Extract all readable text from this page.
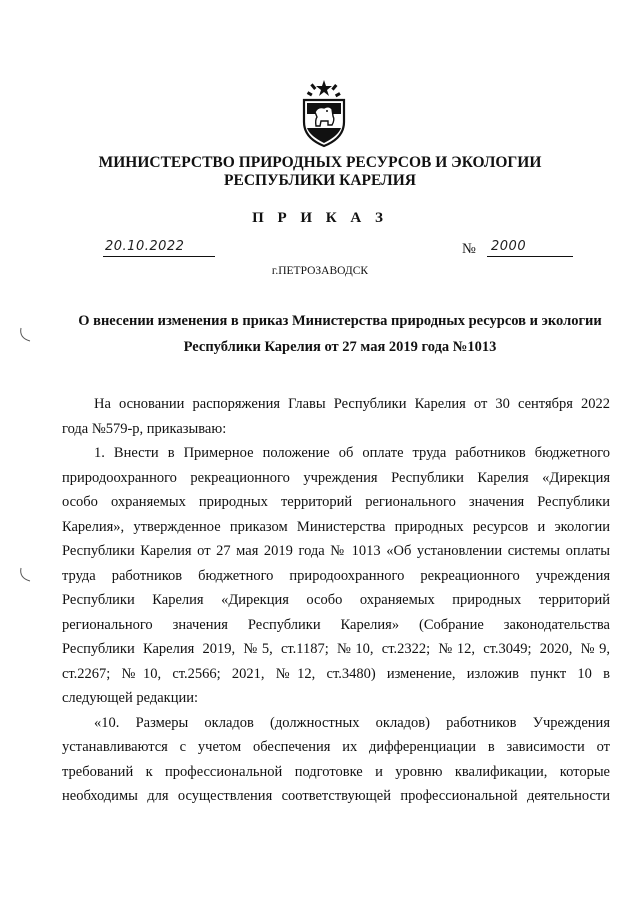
МИНИСТЕРСТВО ПРИРОДНЫХ РЕСУРСОВ И ЭКОЛОГИИ
РЕСПУБЛИКИ КАРЕЛИЯ
П Р И К А З
20.10.2022	№ 2000
г.ПЕТРОЗАВОДСК
О внесении изменения в приказ Министерства природных ресурсов и экологии
Республики Карелия от 27 мая 2019 года №1013

На основании распоряжения Главы Республики Карелия от 30 сентября 2022
года №579-р, приказываю:

1. Внести в Примерное положение об оплате труда работников бюджетного
природоохранного рекреационного учреждения Республики Карелия «Дирекция
особо охраняемых природных территорий регионального значения Республики
Карелия», утвержденное приказом Министерства природных ресурсов и экологии
Республики Карелия от 27 мая 2019 года № 1013 «Об установлении системы оплаты
труда работников бюджетного природоохранного рекреационного учреждения
Республики Карелия «Дирекция особо охраняемых природных территорий
регионального значения Республики Карелия» (Собрание законодательства
Республики Карелия 2019, №5, ст.1187; №10, ст.2322; №12, ст.3049; 2020, №9,
ст.2267; №10, ст.2566; 2021, №12, ст.3480) изменение, изложив пункт 10 в
следующей редакции:

«10. Размеры окладов (должностных окладов) работников Учреждения
устанавливаются с учетом обеспечения их дифференциации в зависимости от
требований к профессиональной подготовке и уровню квалификации, которые
необходимы для осуществления соответствующей профессиональной деятельности
